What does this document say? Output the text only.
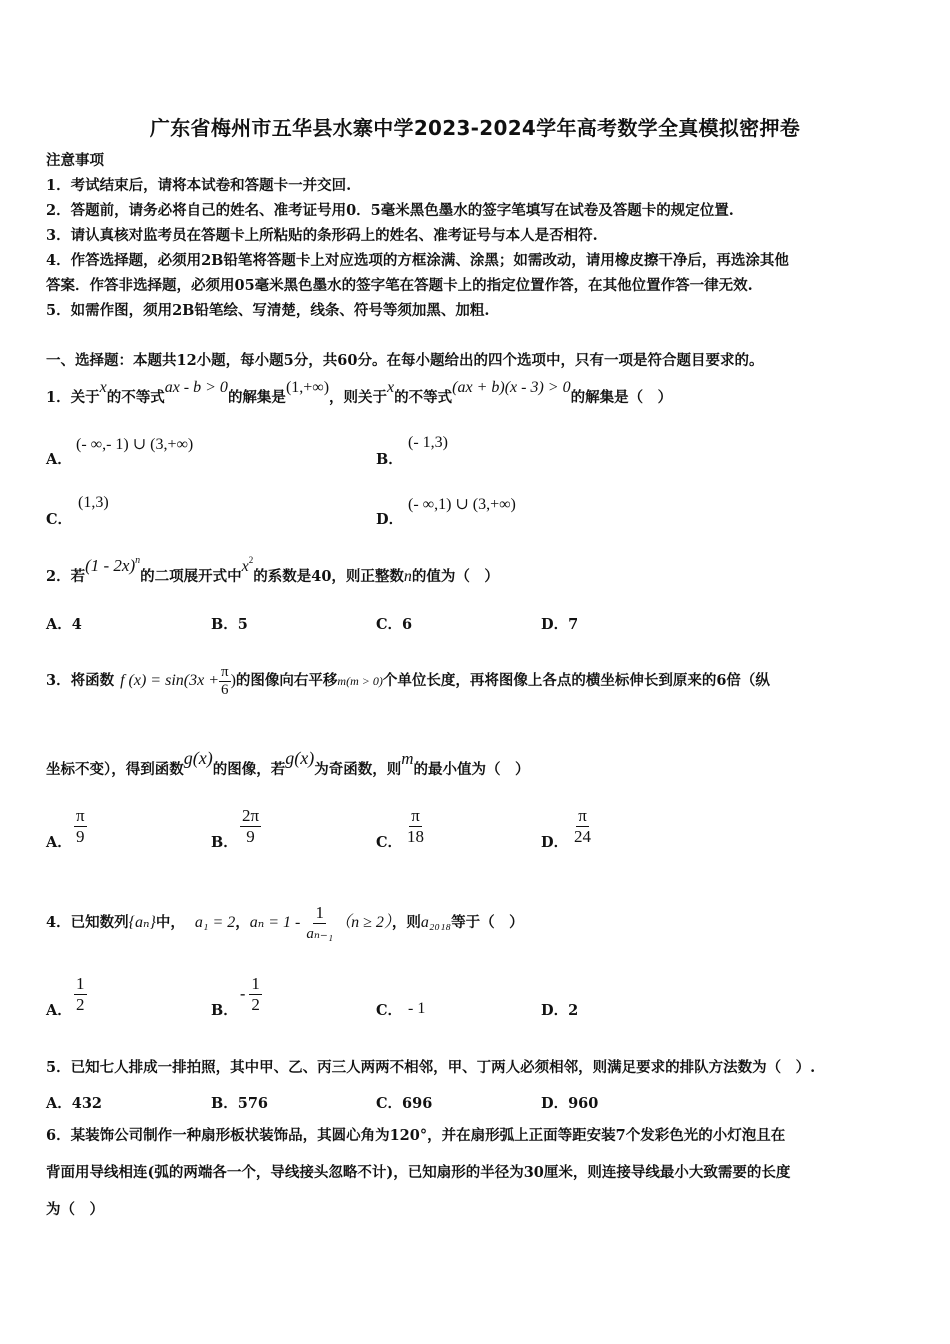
广东省梅州市五华县水寨中学2023-2024学年高考数学全真模拟密押卷
注意事项
1．考试结束后，请将本试卷和答题卡一并交回.
2．答题前，请务必将自己的姓名、准考证号用0．5毫米黑色墨水的签字笔填写在试卷及答题卡的规定位置.
3．请认真核对监考员在答题卡上所粘贴的条形码上的姓名、准考证号与本人是否相符.
4．作答选择题，必须用2B铅笔将答题卡上对应选项的方框涂满、涂黑；如需改动，请用橡皮擦干净后，再选涂其他
答案．作答非选择题，必须用05毫米黑色墨水的签字笔在答题卡上的指定位置作答，在其他位置作答一律无效.
5．如需作图，须用2B铅笔绘、写清楚，线条、符号等须加黑、加粗.
一、选择题：本题共12小题，每小题5分，共60分。在每小题给出的四个选项中，只有一项是符合题目要求的。
1．关于x的不等式ax - b > 0的解集是(1,+∞)，则关于x的不等式(ax + b)(x - 3) > 0的解集是（　）
A．
(- ∞,- 1) ∪ (3,+∞)
B．
(- 1,3)
C．
(1,3)
D．
(- ∞,1) ∪ (3,+∞)
2．若(1 - 2x)$^n$的二项展开式中$x^2$的系数是40，则正整数n的值为（　）
A．4	B．5	C．6	D．7
3．将函数 f $(x) = \sin(3x + \frac{\pi}{6}$ )的图像向右平移m(m > 0)个单位长度，再将图像上各点的横坐标伸长到原来的6倍（纵
坐标不变），得到函数g(x)的图像，若g(x)为奇函数，则m的最小值为（　）
A． $\frac{\pi}{9}$	B． $\frac{2\pi}{9}$	C． $\frac{\pi}{18}$	D． $\frac{\pi}{24}$
4．已知数列{aₙ}中， a₁ = 2，$a_n = 1 - \frac{1}{\text{aₙ₋₁}} (n \ge 2)$，则a₂₀₁₈等于（　）
A． $\frac{1}{2}$	B．
- $\frac{1}{2}$	C． - 1	D．2
5．已知七人排成一排拍照，其中甲、乙、丙三人两两不相邻，甲、丁两人必须相邻，则满足要求的排队方法数为（　）.
A．432	B．576	C．696	D．960
6．某装饰公司制作一种扇形板状装饰品，其圆心角为120°，并在扇形弧上正面等距安装7个发彩色光的小灯泡且在
背面用导线相连(弧的两端各一个，导线接头忽略不计)，已知扇形的半径为30厘米，则连接导线最小大致需要的长度
为（　）
